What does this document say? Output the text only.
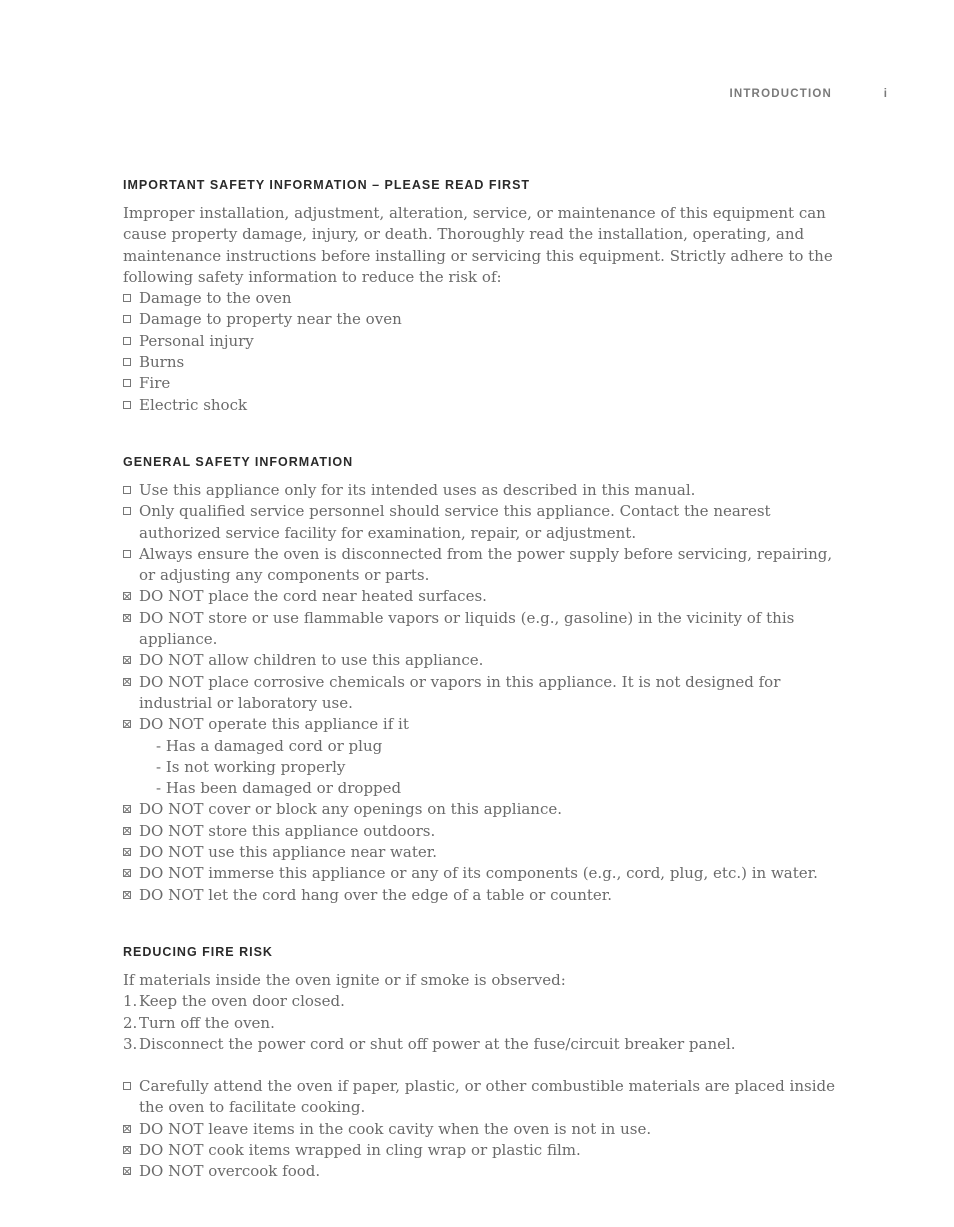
INTRODUCTION	i
IMPORTANT SAFETY INFORMATION – PLEASE READ FIRST

Improper installation, adjustment, alteration, service, or maintenance of this equipment can cause property damage, injury, or death. Thoroughly read the installation, operating, and maintenance instructions before installing or servicing this equipment. Strictly adhere to the following safety information to reduce the risk of:

Damage to the oven
Damage to property near the oven
Personal injury
Burns
Fire
Electric shock
GENERAL SAFETY INFORMATION
Use this appliance only for its intended uses as described in this manual.
Only qualified service personnel should service this appliance. Contact the nearest authorized service facility for examination, repair, or adjustment.
Always ensure the oven is disconnected from the power supply before servicing, repairing, or adjusting any components or parts.
DO NOT place the cord near heated surfaces.
DO NOT store or use flammable vapors or liquids (e.g., gasoline) in the vicinity of this appliance.
DO NOT allow children to use this appliance.
DO NOT place corrosive chemicals or vapors in this appliance. It is not designed for industrial or laboratory use.
DO NOT operate this appliance if it
- Has a damaged cord or plug
- Is not working properly
- Has been damaged or dropped
DO NOT cover or block any openings on this appliance.
DO NOT store this appliance outdoors.
DO NOT use this appliance near water.
DO NOT immerse this appliance or any of its components (e.g., cord, plug, etc.) in water.
DO NOT let the cord hang over the edge of a table or counter.
REDUCING FIRE RISK

If materials inside the oven ignite or if smoke is observed:

1. Keep the oven door closed.
2. Turn off the oven.
3. Disconnect the power cord or shut off power at the fuse/circuit breaker panel.
Carefully attend the oven if paper, plastic, or other combustible materials are placed inside the oven to facilitate cooking.
DO NOT leave items in the cook cavity when the oven is not in use.
DO NOT cook items wrapped in cling wrap or plastic film.
DO NOT overcook food.
